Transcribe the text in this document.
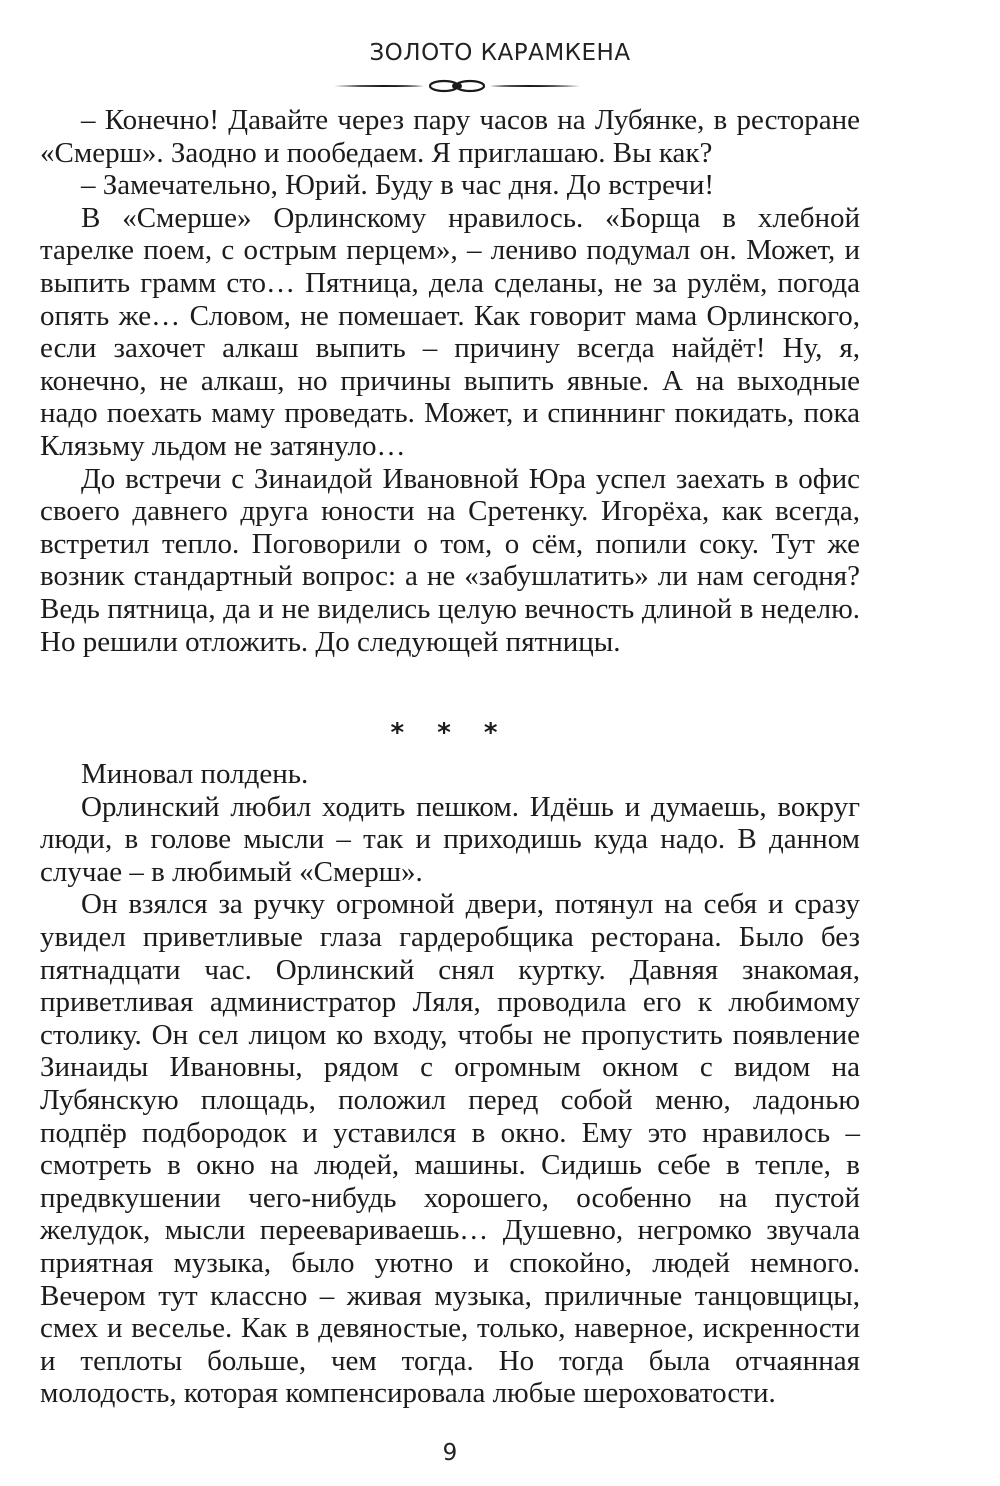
ЗОЛОТО КАРАМКЕНА

– Конечно! Давайте через пару часов на Лубянке, в ресторане «Смерш». Заодно и пообедаем. Я приглашаю. Вы как?

– Замечательно, Юрий. Буду в час дня. До встречи!

В «Смерше» Орлинскому нравилось. «Борща в хлебной тарелке поем, с острым перцем», – лениво подумал он. Может, и выпить грамм сто… Пятница, дела сделаны, не за рулём, погода опять же… Словом, не помешает. Как говорит мама Орлинского, если захочет алкаш выпить – причину всегда найдёт! Ну, я, конечно, не алкаш, но причины выпить явные. А на выходные надо поехать маму проведать. Может, и спиннинг покидать, пока Клязьму льдом не затянуло…

До встречи с Зинаидой Ивановной Юра успел заехать в офис своего давнего друга юности на Сретенку. Игорёха, как всегда, встретил тепло. Поговорили о том, о сём, попили соку. Тут же возник стандартный вопрос: а не «забушлатить» ли нам сегодня? Ведь пятница, да и не виделись целую вечность длиной в неделю. Но решили отложить. До следующей пятницы.

* * *

Миновал полдень.

Орлинский любил ходить пешком. Идёшь и думаешь, вокруг люди, в голове мысли – так и приходишь куда надо. В данном случае – в любимый «Смерш».

Он взялся за ручку огромной двери, потянул на себя и сразу увидел приветливые глаза гардеробщика ресторана. Было без пятнадцати час. Орлинский снял куртку. Давняя знакомая, приветливая администратор Ляля, проводила его к любимому столику. Он сел лицом ко входу, чтобы не пропустить появление Зинаиды Ивановны, рядом с огромным окном с видом на Лубянскую площадь, положил перед собой меню, ладонью подпёр подбородок и уставился в окно. Ему это нравилось – смотреть в окно на людей, машины. Сидишь себе в тепле, в предвкушении чего-нибудь хорошего, особенно на пустой желудок, мысли переевариваешь… Душевно, негромко звучала приятная музыка, было уютно и спокойно, людей немного. Вечером тут классно – живая музыка, приличные танцовщицы, смех и веселье. Как в девяностые, только, наверное, искренности и теплоты больше, чем тогда. Но тогда была отчаянная молодость, которая компенсировала любые шероховатости.

9
